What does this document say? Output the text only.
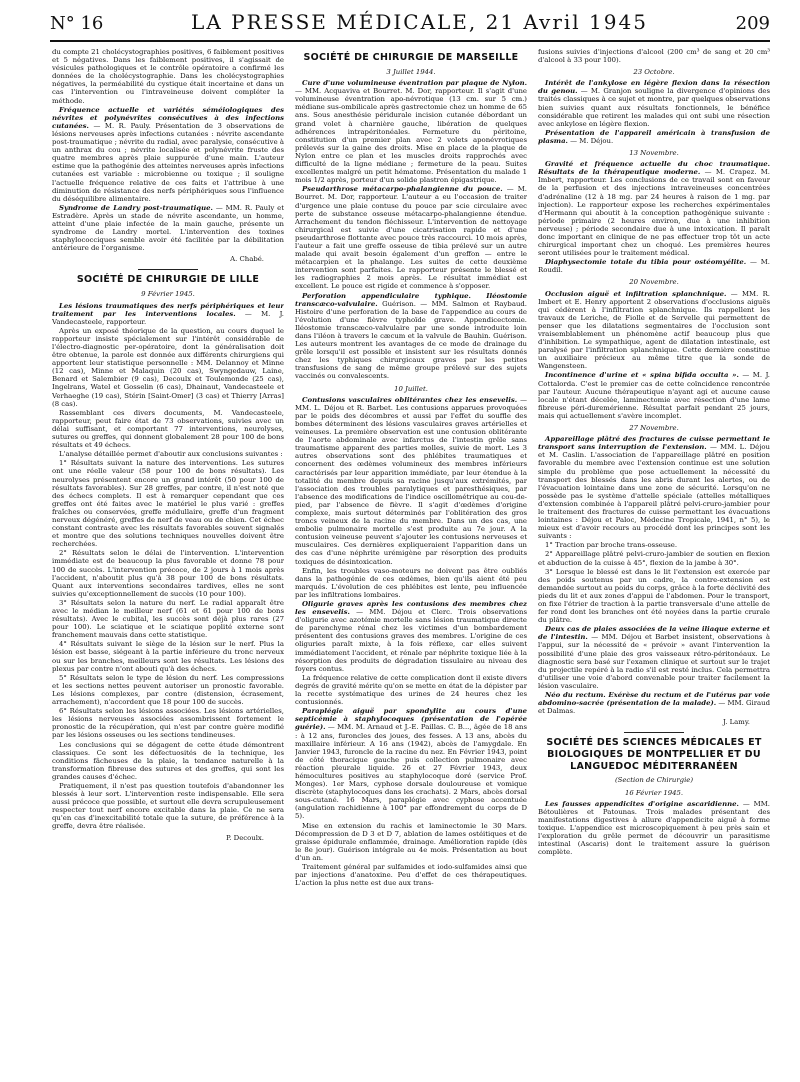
N° 16	LA PRESSE MÉDICALE, 21 Avril 1945	209

du compte 21 cholécystographies positives, 6 faiblement positives et 5 négatives. Dans les faiblement positives, il s'agissait de vésicules pathologiques et le contrôle opératoire a confirmé les données de la cholécystographie. Dans les cholécystographies négatives, la perméabilité du cystique était incertaine et dans un cas l'intervention ou l'intraveineuse doivent compléter la méthode.

Fréquence actuelle et variétés séméiologiques des névrites et polynévrites consécutives à des infections cutanées. — M. R. Pauly. Présentation de 3 observations de lésions nerveuses après infections cutanées : névrite ascendante post-traumatique ; névrite du radial, avec paralysie, consécutive à un anthrax du cou ; névrite localisée et polynévrite fruste des quatre membres après plaie suppurée d'une main. L'auteur estime que la pathogénie des atteintes nerveuses après infections cutanées est variable : microbienne ou toxique ; il souligne l'actuelle fréquence relative de ces faits et l'attribue à une diminution de résistance des nerfs périphériques sous l'influence du déséquilibre alimentaire.

Syndrome de Landry post-traumatique. — MM. R. Pauly et Estradère. Après un stade de névrite ascendante, un homme, atteint d'une plaie infectée de la main gauche, présente un syndrome de Landry mortel. L'intervention des toxines staphylococciques semble avoir été facilitée par la débilitation antérieure de l'organisme.

A. Chabé.
SOCIÉTÉ DE CHIRURGIE DE LILLE
9 Février 1945.

Les lésions traumatiques des nerfs périphériques et leur traitement par les interventions locales. — M. J. Vandecasteele, rapporteur.

Après un exposé théorique de la question, au cours duquel le rapporteur insiste spécialement sur l'intérêt considérable de l'électro-diagnostic per-opératoire, dont la généralisation doit être obtenue, la parole est donnée aux différents chirurgiens qui apportent leur statistique personnelle : MM. Delannoy et Minne (12 cas), Minne et Malaquin (20 cas), Swyngedauw, Laine, Benard et Salembier (9 cas), Decoulx et Toulemonde (25 cas), Ingelrans, Watel et Gosselin (6 cas), Dhainaut, Vandecasteele et Verhaeghe (19 cas), Stérin [Saint-Omer] (3 cas) et Thierry [Arras] (8 cas).

Rassemblant ces divers documents, M. Vandecasteele, rapporteur, peut faire état de 73 observations, suivies avec un délai suffisant, et comportant 77 interventions, neurolyses, sutures ou greffes, qui donnent globalement 28 pour 100 de bons résultats et 49 échecs.

L'analyse détaillée permet d'aboutir aux conclusions suivantes :

1° Résultats suivant la nature des interventions. Les sutures ont une réelle valeur (58 pour 100 de bons résultats). Les neurolyses présentent encore un grand intérêt (50 pour 100 de résultats favorables). Sur 28 greffes, par contre, il n'est noté que des échecs complets. Il est à remarquer cependant que ces greffes ont été faites avec le matériel le plus varié : greffes fraîches ou conservées, greffe médullaire, greffe d'un fragment nerveux dégénéré, greffes de nerf de veau ou de chien. Cet échec constant contraste avec les résultats favorables souvent signalés et montre que des solutions techniques nouvelles doivent être recherchées.

2° Résultats selon le délai de l'intervention. L'intervention immédiate est de beaucoup la plus favorable et donne 78 pour 100 de succès. L'intervention précoce, de 2 jours à 1 mois après l'accident, n'aboutit plus qu'à 38 pour 100 de bons résultats. Quant aux interventions secondaires tardives, elles ne sont suivies qu'exceptionnellement de succès (10 pour 100).

3° Résultats selon la nature du nerf. Le radial apparaît être avec le médian le meilleur nerf (61 et 61 pour 100 de bons résultats). Avec le cubital, les succès sont déjà plus rares (27 pour 100). Le sciatique et le sciatique poplité externe sont franchement mauvais dans cette statistique.

4° Résultats suivant le siège de la lésion sur le nerf. Plus la lésion est basse, siégeant à la partie inférieure du tronc nerveux ou sur les branches, meilleurs sont les résultats. Les lésions des plexus par contre n'ont abouti qu'à des échecs.

5° Résultats selon le type de lésion du nerf. Les compressions et les sections nettes peuvent autoriser un pronostic favorable. Les lésions complexes, par contre (distension, écrasement, arrachement), n'accordent que 18 pour 100 de succès.

6° Résultats selon les lésions associées. Les lésions artérielles, les lésions nerveuses associées assombrissent fortement le pronostic de la récupération, qui n'est par contre guère modifié par les lésions osseuses ou les sections tendineuses.

Les conclusions qui se dégagent de cette étude démontrent classiques. Ce sont les défectuosités de la technique, les conditions fâcheuses de la plaie, la tendance naturelle à la transformation fibreuse des sutures et des greffes, qui sont les grandes causes d'échec.

Pratiquement, il n'est pas question toutefois d'abandonner les blessés à leur sort. L'intervention reste indispensable. Elle sera aussi précoce que possible, et surtout elle devra scrupuleusement respecter tout nerf encore excitable dans la plaie. Ce ne sera qu'en cas d'inexcitabilité totale que la suture, de préférence à la greffe, devra être réalisée.

P. Decoulx.
SOCIÉTÉ DE CHIRURGIE DE MARSEILLE
3 Juillet 1944.

Cure d'une volumineuse éventration par plaque de Nylon. — MM. Acquaviva et Bourret. M. Dor, rapporteur. Il s'agit d'une volumineuse éventration apo-névrotique (13 cm. sur 5 cm.) médiane sus-ombilicale après gastrectomie chez un homme de 65 ans. Sous anesthésie péridurale incision cutanée débordant un grand volet à charnière gauche, libération de quelques adhérences intrapéritonéales. Fermeture du péritoine, constitution d'un premier plan avec 2 volets aponévrotiques prélevés sur la gaine des droits. Mise en place de la plaque de Nylon entre ce plan et les muscles droits rapprochés avec difficulté de la ligne médiane ; fermeture de la peau. Suites excellentes malgré un petit hématome. Présentation du malade 1 mois 1/2 après, porteur d'un solide plastron épigastrique.

Pseudarthrose métacarpo-phalangienne du pouce. — M. Bourret. M. Dor, rapporteur. L'auteur a eu l'occasion de traiter d'urgence une plaie contuse du pouce par scie circulaire avec perte de substance osseuse métacarpo-phalangienne étendue. Arrachement du tendon fléchisseur. L'intervention de nettoyage chirurgical est suivie d'une cicatrisation rapide et d'une pseudarthrose flottante avec pouce très raccourci. 10 mois après, l'auteur a fait une greffe osseuse de tibia prélevé sur un autre malade qui avait besoin également d'un greffon — entre le métacarpien et la phalange. Les suites de cette deuxième intervention sont parfaites. Le rapporteur présente le blessé et les radiographies 2 mois après. Le résultat immédiat est excellent. Le pouce est rigide et commence à s'opposer.

Perforation appendiculaire typhique. Iléostomie transcæco-valvulaire. Guérison. — MM. Salmon et Raybaud. Histoire d'une perforation de la base de l'appendice au cours de l'évolution d'une fièvre typhoïde grave. Appendicectomie. Iléostomie transcæco-valvulaire par une sonde introduite loin dans l'iléon à travers le cæcum et la valvule de Bauhin. Guérison. Les auteurs montrent les avantages de ce mode de drainage du grêle lorsqu'il est possible et insistent sur les résultats donnés chez les typhiques chirurgicaux graves par les petites transfusions de sang de même groupe prélevé sur des sujets vaccinés ou convalescents.

10 Juillet.

Contusions vasculaires oblitérantes chez les ensevelis. — MM. L. Déjou et R. Barbet. Les contusions apparues provoquées par le poids des décombres et aussi par l'effet du souffle des bombes déterminent des lésions vasculaires graves artérielles et veineuses. La première observation est une contusion oblitérante de l'aorte abdominale avec infarctus de l'intestin grêle sans traumatisme apparent des parties molles, suivie de mort. Les 3 autres observations sont des phlébites traumatiques et concernent des œdèmes volumineux des membres inférieurs caractérisés par leur apparition immédiate, par leur étendue à la totalité du membre depuis sa racine jusqu'aux extrémités, par l'association des troubles paralytiques et paresthésiques, par l'absence des modifications de l'indice oscillométrique au cou-de-pied, par l'absence de fièvre. Il s'agit d'œdèmes d'origine complexe, mais surtout déterminés par l'oblitération des gros troncs veineux de la racine du membre. Dans un des cas, une embolie pulmonaire mortelle s'est produite au 7e jour. A la contusion veineuse peuvent s'ajouter les contusions nerveuses et musculaires. Ces dernières expliqueraient l'apparition dans un des cas d'une néphrite urémigène par résorption des produits toxiques de désintoxication.

Enfin, les troubles vaso-moteurs ne doivent pas être oubliés dans la pathogénie de ces œdèmes, bien qu'ils aient été peu marqués. L'évolution de ces phlébites est lente, peu influencée par les infiltrations lombaires.

Oligurie graves après les contusions des membres chez les ensevelis. — MM. Déjou et Clerc. Trois observations d'oligurie avec azotémie mortelle sans lésion traumatique directe de parenchyme rénal chez les victimes d'un bombardement présentent des contusions graves des membres. L'origine de ces oliguries paraît mixte, à la fois réflexe, car elles suivent immédiatement l'accident, et rénale par néphrite toxique liée à la résorption des produits de dégradation tissulaire au niveau des foyers contus.

La fréquence relative de cette complication dont il existe divers degrés de gravité mérite qu'on se mette en état de la dépister par la recette systématique des urines de 24 heures chez les contusionnés.

Paraplégie aiguë par spondylite au cours d'une septicémie à staphylocoques (présentation de l'opérée guérie). — MM. M. Arnaud et J.-E. Paillas. C. B..., âgée de 18 ans : à 12 ans, furoncles des joues, des fesses. A 13 ans, abcès du maxillaire inférieur. A 16 ans (1942), abcès de l'amygdale. En Janvier 1943, furoncle de la racine du nez. En Février 1943, point de côté thoracique gauche puis collection pulmonaire avec réaction pleurale liquide. 26 et 27 Février 1943, deux hémocultures positives au staphylocoque doré (service Prof. Monges). 1er Mars, cyphose dorsale douloureuse et vomique discrète (staphylocoques dans les crachats). 2 Mars, abcès dorsal sous-cutané. 16 Mars, paraplégie avec cyphose accentuée (angulation rachidienne à 100° par effondrement du corps de D 5).

Mise en extension du rachis et laminectomie le 30 Mars. Décompression de D 3 et D 7, ablation de lames ostéitiques et de graisse épidurale enflammée, drainage. Amélioration rapide (dès le 8e jour). Guérison intégrale au 4e mois. Présentation au bout d'un an.

Traitement général par sulfamides et iodo-sulfamides ainsi que par injections d'anatoxine. Peu d'effet de ces thérapeutiques. L'action la plus nette est due aux trans-

fusions suivies d'injections d'alcool (200 cm³ de sang et 20 cm³ d'alcool à 33 pour 100).

23 Octobre.

Intérêt de l'ankylose en légère flexion dans la résection du genou. — M. Granjon souligne la divergence d'opinions des traités classiques à ce sujet et montre, par quelques observations bien suivies quant aux résultats fonctionnels, le bénéfice considérable que retirent les malades qui ont subi une résection avec ankylose en légère flexion.

Présentation de l'appareil américain à transfusion de plasma. — M. Déjou.

13 Novembre.

Gravité et fréquence actuelle du choc traumatique. Résultats de la thérapeutique moderne. — M. Crapez. M. Imbert, rapporteur. Les conclusions de ce travail sont en faveur de la perfusion et des injections intraveineuses concentrées d'adrénaline (12 à 18 mg. par 24 heures à raison de 1 mg. par injection). Le rapporteur expose les recherches expérimentales d'Hermann qui aboutit à la conception pathogénique suivante : période primaire (2 heures environ, due à une inhibition nerveuse) ; période secondaire due à une intoxication. Il paraît donc important en clinique de ne pas effectuer trop tôt un acte chirurgical important chez un choqué. Les premières heures seront utilisées pour le traitement médical.

Diaphysectomie totale du tibia pour ostéomyélite. — M. Roudil.

20 Novembre.

Occlusion aiguë et infiltration splanchnique. — MM. R. Imbert et E. Henry apportent 2 observations d'occlusions aiguës qui cédèrent à l'infiltration splanchnique. Ils rappellent les travaux de Leriche, de Fiolle et de Servelle qui permettent de penser que les dilatations segmentaires de l'occlusion sont vraisemblablement un phénomène actif beaucoup plus que d'inhibition. Le sympathique, agent de dilatation intestinale, est paralysé par l'infiltration splanchnique. Cette dernière constitue un auxiliaire précieux au même titre que la sonde de Wangensteen.

Incontinence d'urine et « spina bifida occulta ». — M. J. Cottalorda. C'est le premier cas de cette coïncidence rencontrée par l'auteur. Aucune thérapeutique n'ayant agi et aucune cause locale n'étant décelée, laminectomie avec résection d'une lame fibreuse péri-duremérienne. Résultat parfait pendant 25 jours, mais qui actuellement s'avère incomplet.

27 Novembre.

Appareillage plâtré des fractures de cuisse permettant le transport sans interruption de l'extension. — MM. L. Déjou et M. Caslin. L'association de l'appareillage plâtré en position favorable du membre avec l'extension continue est une solution simple du problème que pose actuellement la nécessité du transport des blessés dans les abris durant les alertes, ou de l'évacuation lointaine dans une zone de sécurité. Lorsqu'on ne possède pas le système d'attelle spéciale (attelles métalliques d'extension combinée à l'appareil plâtré pelvi-cruro-jambier pour le traitement des fractures de cuisse permettant les évacuations lointaines : Déjou et Paloc, Médecine Tropicale, 1941, n° 5), le mieux est d'avoir recours au procédé dont les principes sont les suivants :

1° Traction par broche trans-osseuse.

2° Appareillage plâtré pelvi-cruro-jambier de soutien en flexion et abduction de la cuisse à 45°, flexion de la jambe à 30°.

3° Lorsque le blessé est dans le lit l'extension est exercée par des poids soutenus par un cadre, la contre-extension est demandée surtout au poids du corps, grâce à la forte déclivité des pieds du lit et aux zones d'appui de l'abdomen. Pour le transport, on fixe l'étrier de traction à la partie transversale d'une attelle de fer rond dont les branches ont été noyées dans la partie crurale du plâtre.

Deux cas de plaies associées de la veine iliaque externe et de l'intestin. — MM. Déjou et Barbet insistent, observations à l'appui, sur la nécessité de « prévoir » avant l'intervention la possibilité d'une plaie des gros vaisseaux rétro-péritonéaux. Le diagnostic sera basé sur l'examen clinique et surtout sur le trajet du projectile repéré à la radio s'il est resté inclus. Cela permettra d'utiliser une voie d'abord convenable pour traiter facilement la lésion vasculaire.

Néo du rectum. Exérèse du rectum et de l'utérus par voie abdomino-sacrée (présentation de la malade). — MM. Giraud et Dalmas.

J. Lamy.
SOCIÉTÉ DES SCIENCES MÉDICALES ET BIOLOGIQUES DE MONTPELLIER ET DU LANGUEDOC MÉDITERRANÉEN
(Section de Chirurgie)
16 Février 1945.

Les fausses appendicites d'origine ascaridienne. — MM. Bétoulières et Patounas. Trois malades présentant des manifestations digestives à allure d'appendicite aiguë à forme toxique. L'appendice est microscopiquement à peu près sain et l'exploration du grêle permet de découvrir un parasitisme intestinal (Ascaris) dont le traitement assure la guérison complète.
